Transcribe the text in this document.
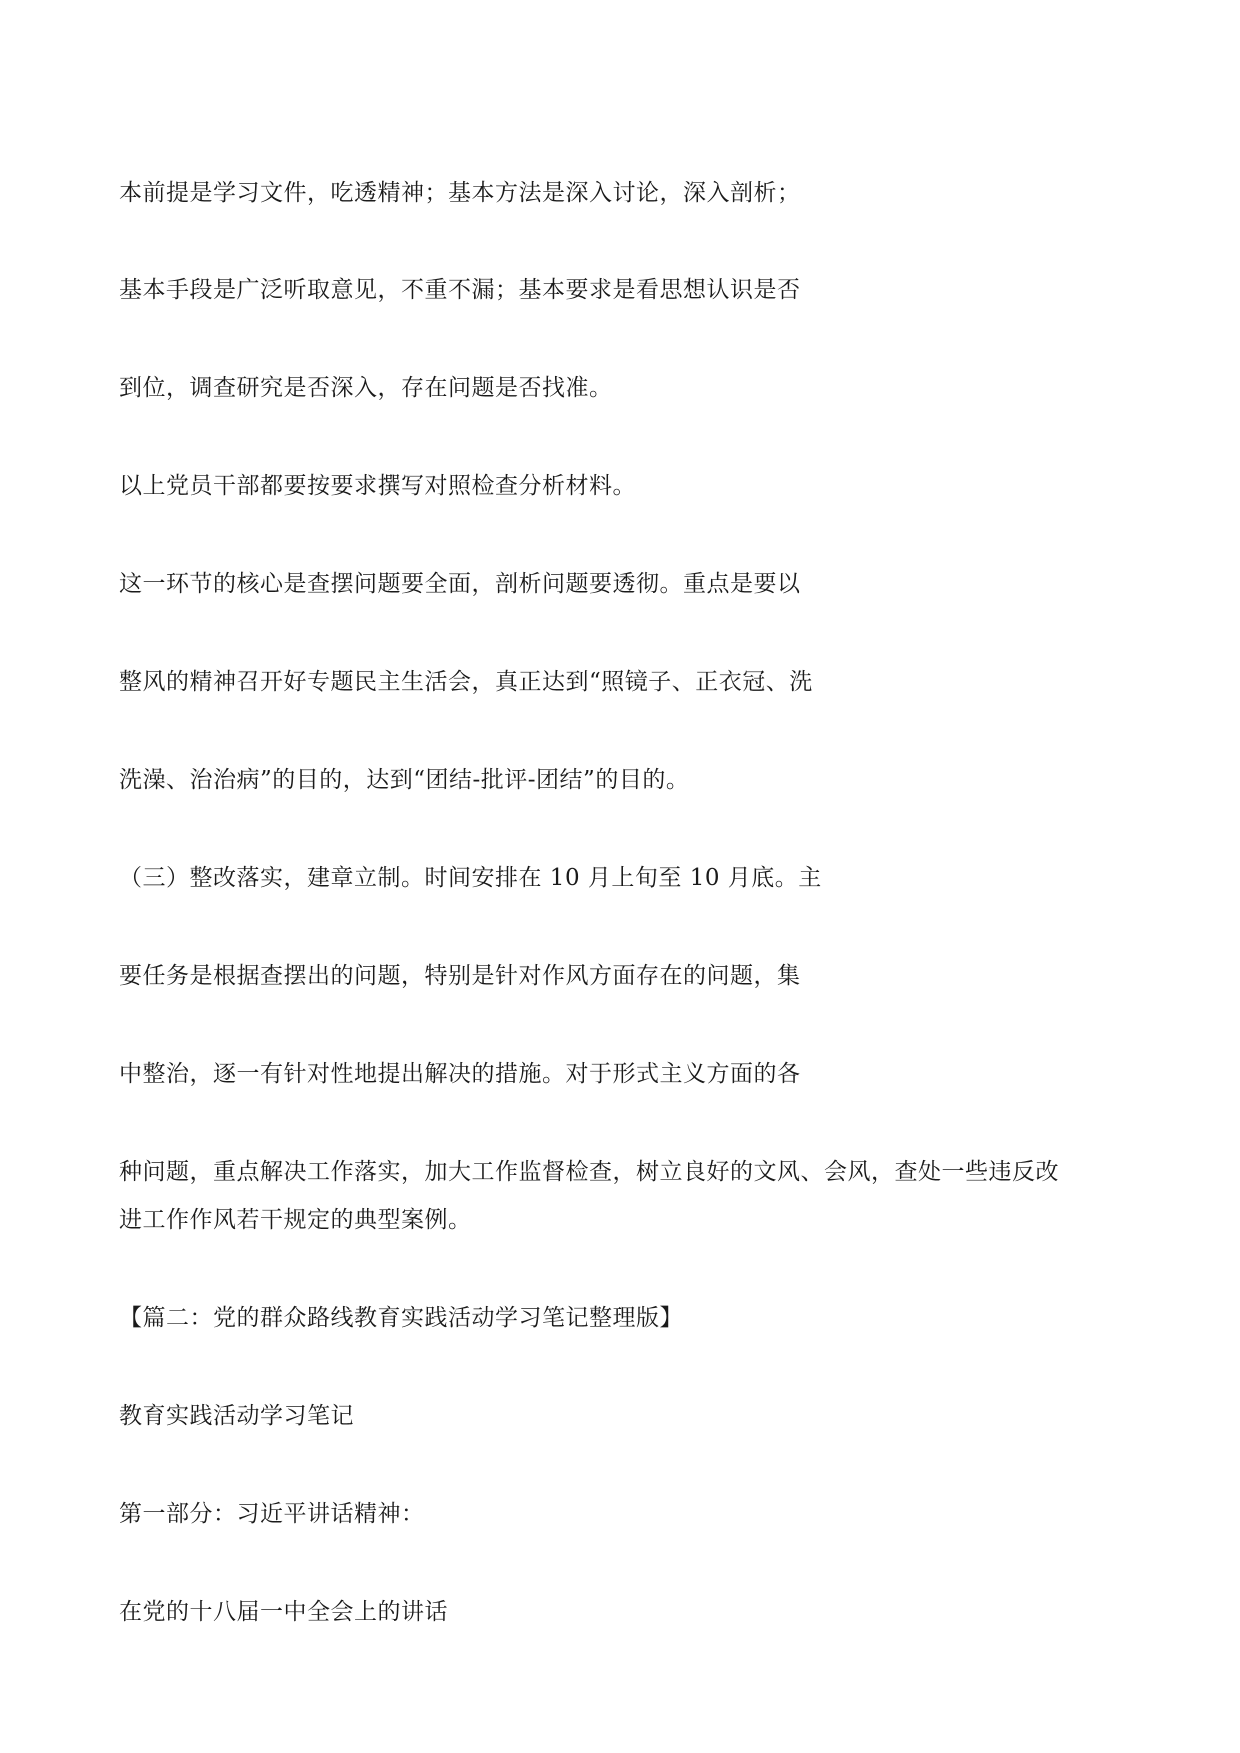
本前提是学习文件，吃透精神；基本方法是深入讨论，深入剖析；
基本手段是广泛听取意见，不重不漏；基本要求是看思想认识是否
到位，调查研究是否深入，存在问题是否找准。
以上党员干部都要按要求撰写对照检查分析材料。
这一环节的核心是查摆问题要全面，剖析问题要透彻。重点是要以
整风的精神召开好专题民主生活会，真正达到“照镜子、正衣冠、洗
洗澡、治治病”的目的，达到“团结-批评-团结”的目的。
（三）整改落实，建章立制。时间安排在 10 月上旬至 10 月底。主
要任务是根据查摆出的问题，特别是针对作风方面存在的问题，集
中整治，逐一有针对性地提出解决的措施。对于形式主义方面的各
种问题，重点解决工作落实，加大工作监督检查，树立良好的文风、会风，查处一些违反改
进工作作风若干规定的典型案例。
【篇二：党的群众路线教育实践活动学习笔记整理版】
教育实践活动学习笔记
第一部分：习近平讲话精神：
在党的十八届一中全会上的讲话
